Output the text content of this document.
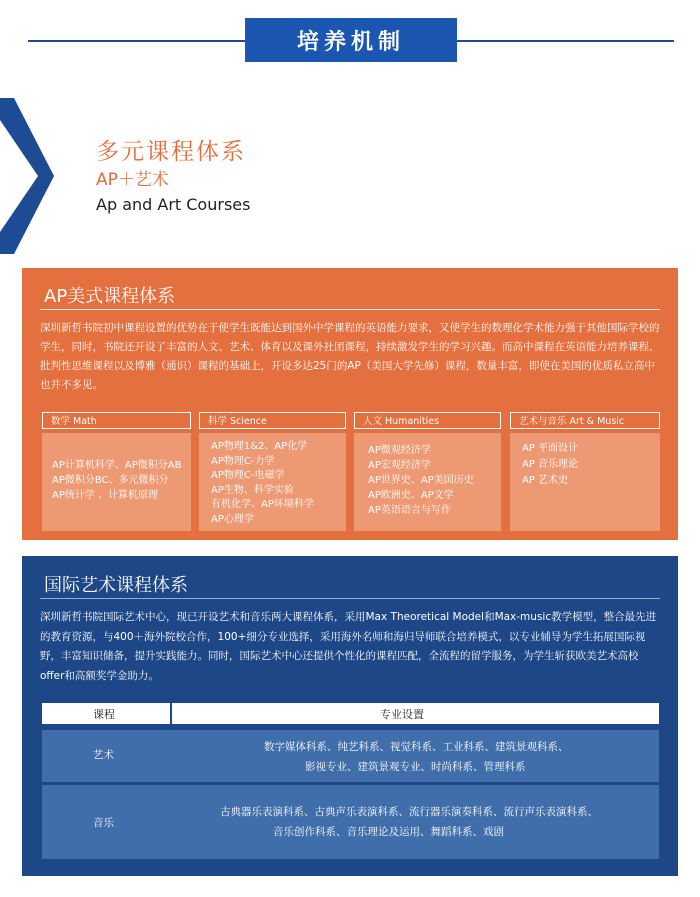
培养机制
多元课程体系
AP＋艺术
Ap and Art Courses
AP美式课程体系
深圳新哲书院初中课程设置的优势在于使学生既能达到国外中学课程的英语能力要求，又使学生的数理化学术能力强于其他国际学校的学生，同时，书院还开设了丰富的人文、艺术、体育以及课外社团课程，持续激发学生的学习兴趣。而高中课程在英语能力培养课程、批判性思维课程以及博雅（通识）课程的基础上，开设多达25门的AP（美国大学先修）课程，数量丰富，即使在美国的优质私立高中也并不多见。
数学 Math
AP计算机科学、AP微积分AB
AP微积分BC、多元微积分
AP统计学 、计算机原理
科学 Science
AP物理1&2、AP化学
AP物理C-力学
AP物理C-电磁学
AP生物、科学实验
有机化学、AP环境科学
AP心理学
人文 Humanities
AP微观经济学
AP宏观经济学
AP世界史、AP美国历史
AP欧洲史、AP文学
AP英语语言与写作
艺术与音乐 Art & Music
AP 平面设计
AP 音乐理论
AP 艺术史
国际艺术课程体系
深圳新哲书院国际艺术中心，现已开设艺术和音乐两大课程体系，采用Max Theoretical Model和Max-music教学模型，整合最先进的教育资源，与400＋海外院校合作，100+细分专业选择，采用海外名师和海归导师联合培养模式，以专业辅导为学生拓展国际视野，丰富知识储备，提升实践能力。同时，国际艺术中心还提供个性化的课程匹配，全流程的留学服务，为学生斩获欧美艺术高校offer和高额奖学金助力。
课程	专业设置
艺术
数字媒体科系、纯艺科系、视觉科系、工业科系、建筑景观科系、
影视专业、建筑景观专业、时尚科系、管理科系
音乐
古典器乐表演科系、古典声乐表演科系、流行器乐演奏科系、流行声乐表演科系、
音乐创作科系、音乐理论及运用、舞蹈科系、戏剧
